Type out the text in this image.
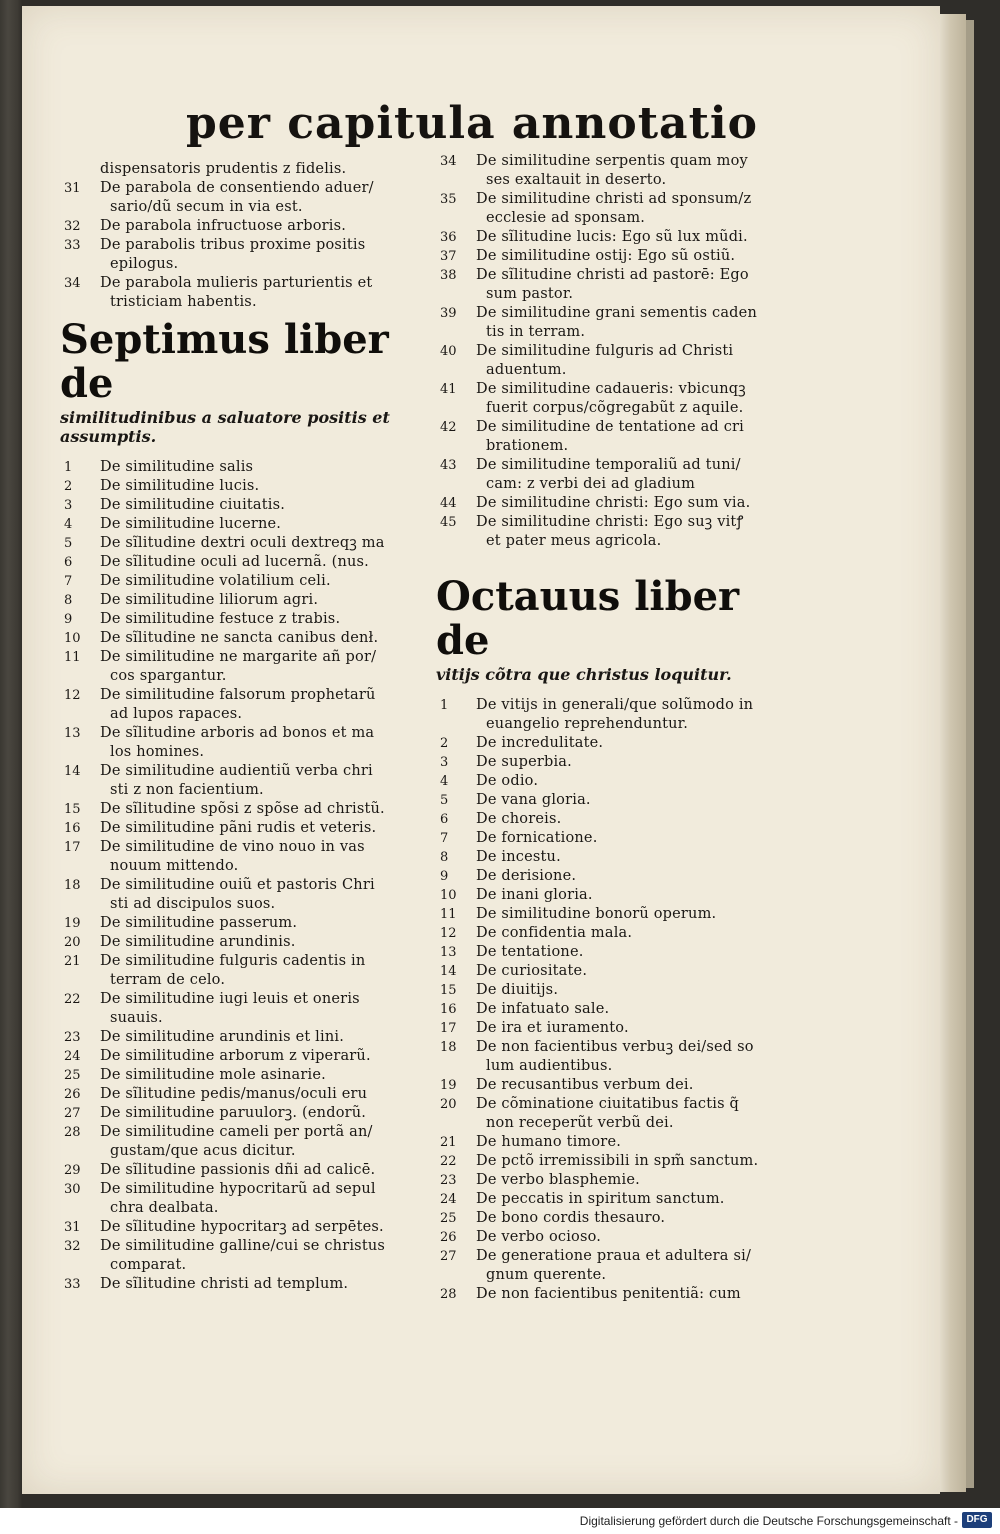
per capitula annotatio
dispensatoris prudentis z fidelis.
31	De parabola de consentiendo aduer/
sario/dũ secum in via est.
32	De parabola infructuose arboris.
33	De parabolis tribus proxime positis
epilogus.
34	De parabola mulieris parturientis et
tristiciam habentis.
Septimus liber de
similitudinibus a saluatore positis et assumptis.
1	De similitudine salis
2	De similitudine lucis.
3	De similitudine ciuitatis.
4	De similitudine lucerne.
5	De sĩlitudine dextri oculi dextreqꝫ ma
6	De sĩlitudine oculi ad lucernã. (nus.
7	De similitudine volatilium celi.
8	De similitudine liliorum agri.
9	De similitudine festuce z trabis.
10	De sĩlitudine ne sancta canibus denł.
11	De similitudine ne margarite añ por/
cos spargantur.
12	De similitudine falsorum prophetarũ
ad lupos rapaces.
13	De sĩlitudine arboris ad bonos et ma
los homines.
14	De similitudine audientiũ verba chri
sti z non facientium.
15	De sĩlitudine spõsi z spõse ad christũ.
16	De similitudine pãni rudis et veteris.
17	De similitudine de vino nouo in vas
nouum mittendo.
18	De similitudine ouiũ et pastoris Chri
sti ad discipulos suos.
19	De similitudine passerum.
20	De similitudine arundinis.
21	De similitudine fulguris cadentis in
terram de celo.
22	De similitudine iugi leuis et oneris
suauis.
23	De similitudine arundinis et lini.
24	De similitudine arborum z viperarũ.
25	De similitudine mole asinarie.
26	De sĩlitudine pedis/manus/oculi eru
27	De similitudine paruulorꝫ. (endorũ.
28	De similitudine cameli per portã an/
gustam/que acus dicitur.
29	De sĩlitudine passionis dñi ad calicē.
30	De similitudine hypocritarũ ad sepul
chra dealbata.
31	De sĩlitudine hypocritarꝫ ad serpētes.
32	De similitudine galline/cui se christus
comparat.
33	De sĩlitudine christi ad templum.
34	De similitudine serpentis quam moy
ses exaltauit in deserto.
35	De similitudine christi ad sponsum/z
ecclesie ad sponsam.
36	De sĩlitudine lucis: Ego sũ lux mũdi.
37	De similitudine ostij: Ego sũ ostiũ.
38	De sĩlitudine christi ad pastorē: Ego
sum pastor.
39	De similitudine grani sementis caden
tis in terram.
40	De similitudine fulguris ad Christi
aduentum.
41	De similitudine cadaueris: vbicunqꝫ
fuerit corpus/cõgregabũt z aquile.
42	De similitudine de tentatione ad cri
brationem.
43	De similitudine temporaliũ ad tuni/
cam: z verbi dei ad gladium
44	De similitudine christi: Ego sum via.
45	De similitudine christi: Ego suꝫ vitꝭ
et pater meus agricola.
Octauus liber de
vitijs cõtra que christus loquitur.
1	De vitijs in generali/que solũmodo in
euangelio reprehenduntur.
2	De incredulitate.
3	De superbia.
4	De odio.
5	De vana gloria.
6	De choreis.
7	De fornicatione.
8	De incestu.
9	De derisione.
10	De inani gloria.
11	De similitudine bonorũ operum.
12	De confidentia mala.
13	De tentatione.
14	De curiositate.
15	De diuitijs.
16	De infatuato sale.
17	De ira et iuramento.
18	De non facientibus verbuꝫ dei/sed so
lum audientibus.
19	De recusantibus verbum dei.
20	De cõminatione ciuitatibus factis q̃
non receperũt verbũ dei.
21	De humano timore.
22	De pctõ irremissibili in spm̃ sanctum.
23	De verbo blasphemie.
24	De peccatis in spiritum sanctum.
25	De bono cordis thesauro.
26	De verbo ocioso.
27	De generatione praua et adultera si/
gnum querente.
28	De non facientibus penitentiã: cum
Digitalisierung gefördert durch die Deutsche Forschungsgemeinschaft - DFG
